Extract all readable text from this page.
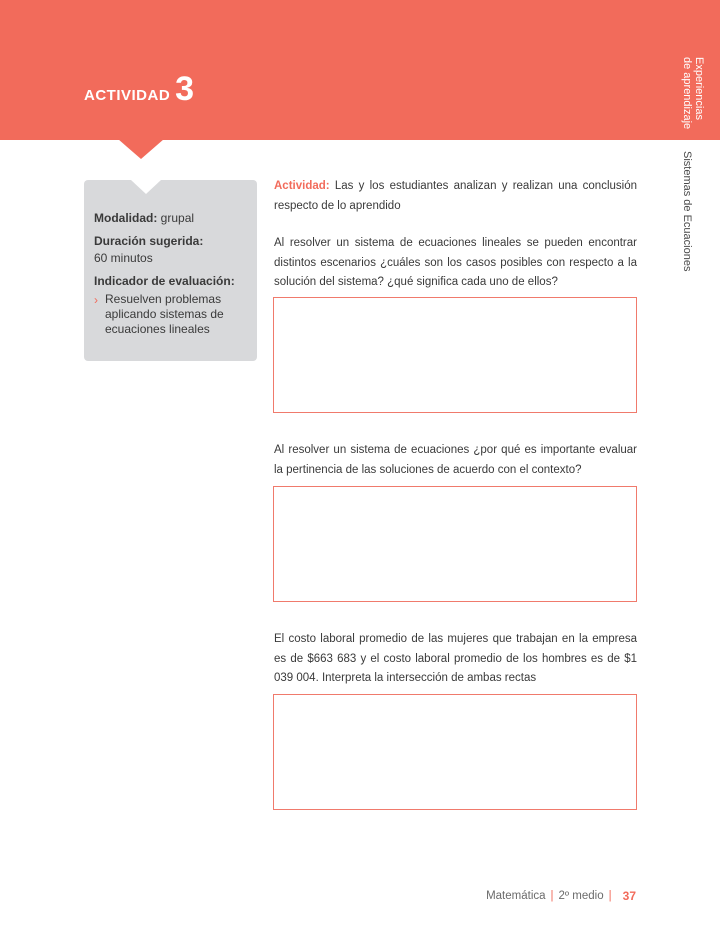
ACTIVIDAD 3	Experiencias
de aprendizaje
Sistemas de Ecuaciones

Modalidad: grupal

Duración sugerida:
60 minutos

Indicador de evaluación:

› Resuelven problemas aplicando sistemas de ecuaciones lineales

Actividad: Las y los estudiantes analizan y realizan una conclusión respecto de lo aprendido

Al resolver un sistema de ecuaciones lineales se pueden encontrar distintos escenarios ¿cuáles son los casos posibles con respecto a la solución del sistema? ¿qué significa cada uno de ellos?

Al resolver un sistema de ecuaciones ¿por qué es importante evaluar la pertinencia de las soluciones de acuerdo con el contexto?

El costo laboral promedio de las mujeres que trabajan en la empresa es de $663 683 y el costo laboral promedio de los hombres es de $1 039 004. Interpreta la intersección de ambas rectas

Matemática | 2º medio | 37
